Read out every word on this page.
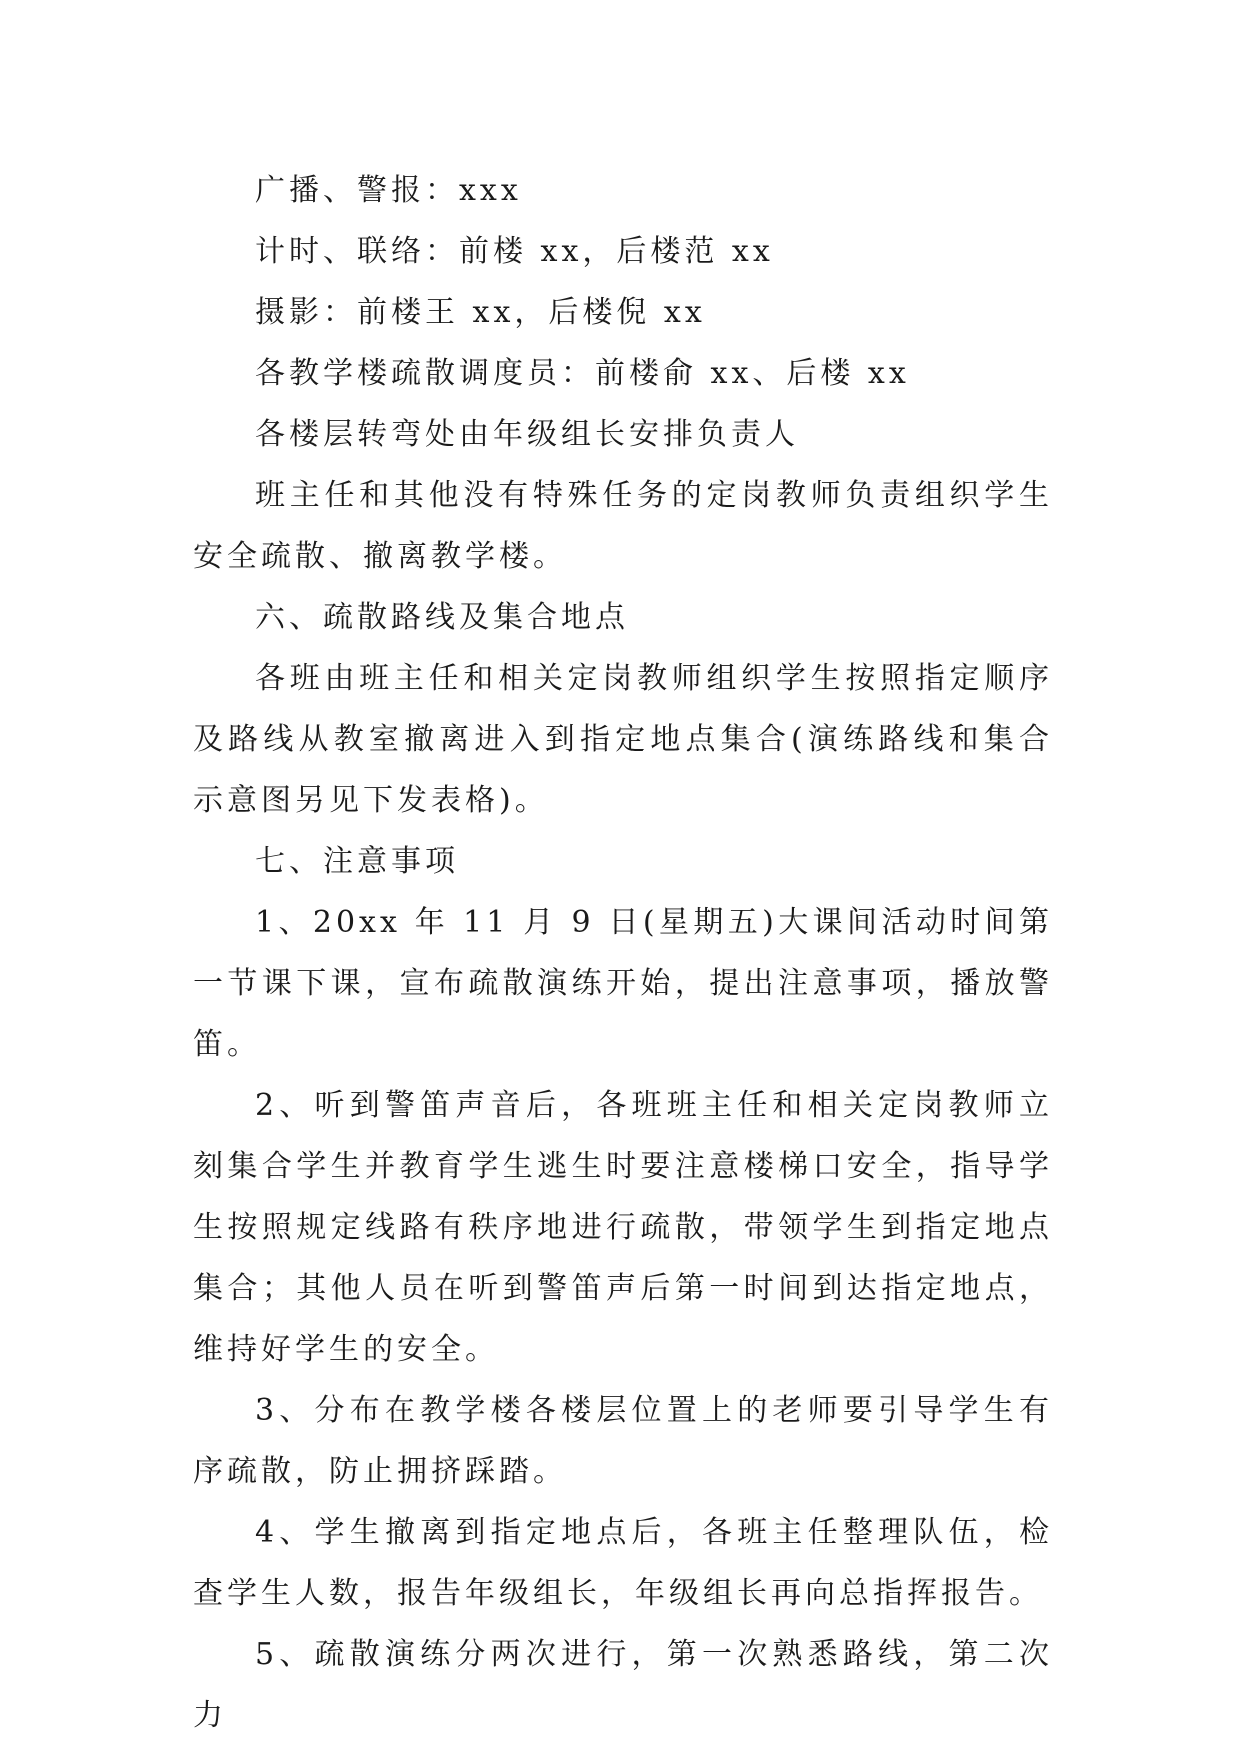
广播、警报：xxx

计时、联络：前楼 xx，后楼范 xx

摄影：前楼王 xx，后楼倪 xx

各教学楼疏散调度员：前楼俞 xx、后楼 xx

各楼层转弯处由年级组长安排负责人

班主任和其他没有特殊任务的定岗教师负责组织学生安全疏散、撤离教学楼。

六、疏散路线及集合地点

各班由班主任和相关定岗教师组织学生按照指定顺序及路线从教室撤离进入到指定地点集合(演练路线和集合示意图另见下发表格)。

七、注意事项

1、20xx 年 11 月 9 日(星期五)大课间活动时间第一节课下课，宣布疏散演练开始，提出注意事项，播放警笛。

2、听到警笛声音后，各班班主任和相关定岗教师立刻集合学生并教育学生逃生时要注意楼梯口安全，指导学生按照规定线路有秩序地进行疏散，带领学生到指定地点集合；其他人员在听到警笛声后第一时间到达指定地点，维持好学生的安全。

3、分布在教学楼各楼层位置上的老师要引导学生有序疏散，防止拥挤踩踏。

4、学生撤离到指定地点后，各班主任整理队伍，检查学生人数，报告年级组长，年级组长再向总指挥报告。

5、疏散演练分两次进行，第一次熟悉路线，第二次力
